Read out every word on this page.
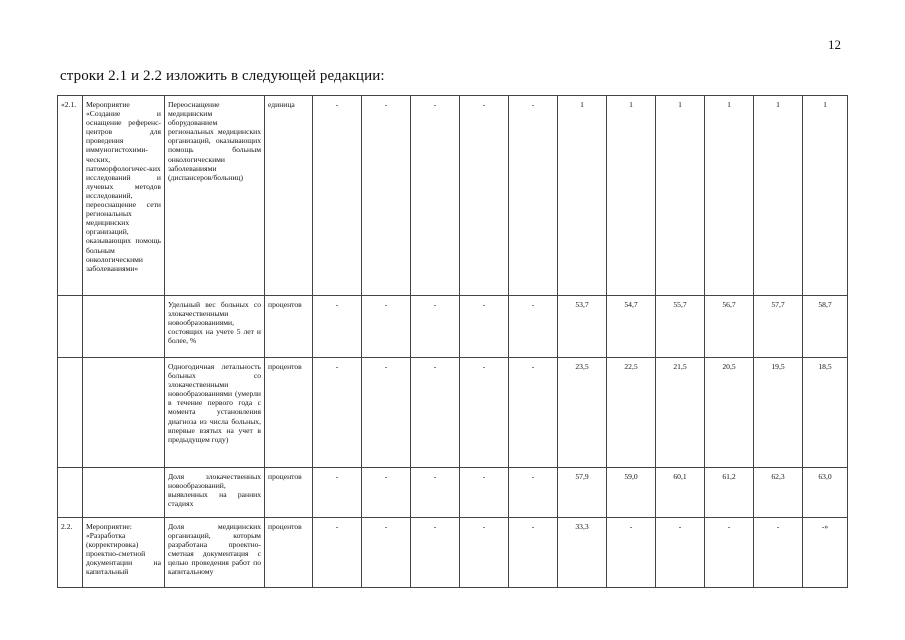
12
строки 2.1 и 2.2 изложить в следующей редакции:
«2.1.	Мероприятие «Создание и оснащение референс-центров для проведения иммуногистохими-ческих, патоморфологичес-ких исследований и лучевых методов исследований, переоснащение сети региональных медицинских организаций, оказывающих помощь больным онкологическими заболеваниями»	Переоснащение медицинским оборудованием региональных медицинских организаций, оказывающих помощь больным онкологическими заболеваниями (диспансеров/больниц)	единица	-	-	-	-	-	1	1	1	1	1	1
		Удельный вес больных со злокачественными новообразованиями, состоящих на учете 5 лет и более, %	процентов	-	-	-	-	-	53,7	54,7	55,7	56,7	57,7	58,7
		Одногодичная летальность больных со злокачественными новообразованиями (умерли в течение первого года с момента установления диагноза из числа больных, впервые взятых на учет в предыдущем году)	процентов	-	-	-	-	-	23,5	22,5	21,5	20,5	19,5	18,5
		Доля злокачественных новообразований, выявленных на ранних стадиях	процентов	-	-	-	-	-	57,9	59,0	60,1	61,2	62,3	63,0
2.2.	Мероприятие: «Разработка (корректировка) проектно-сметной документации на капитальный	Доля медицинских организаций, которым разработана проектно-сметная документация с целью проведения работ по капитальному	процентов	-	-	-	-	-	33,3	-	-	-	-	-»
